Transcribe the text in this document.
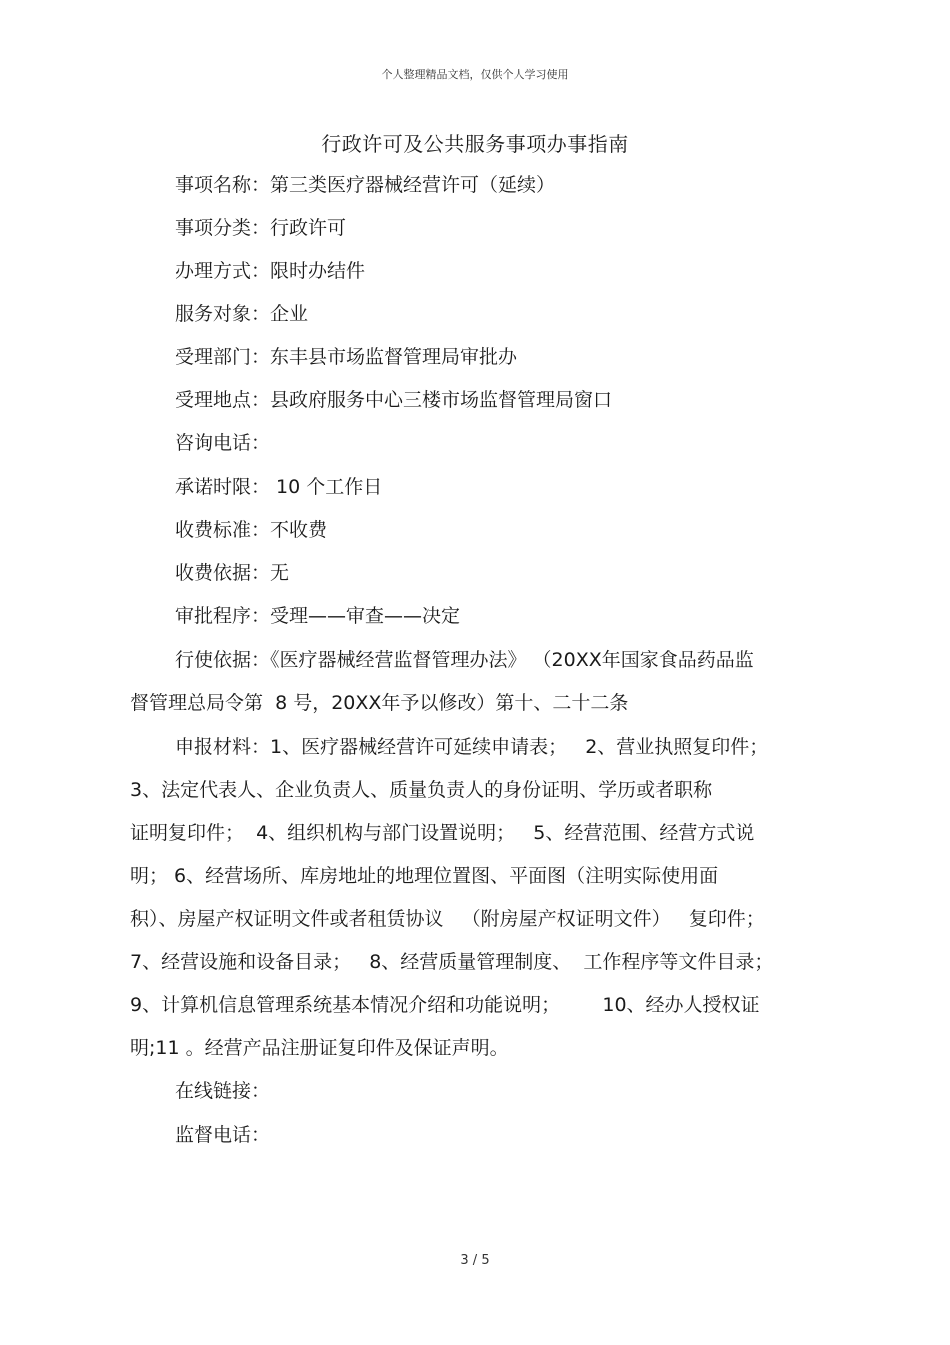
个人整理精品文档，仅供个人学习使用
行政许可及公共服务事项办事指南
事项名称：第三类医疗器械经营许可（延续）
事项分类：行政许可
办理方式：限时办结件
服务对象：企业
受理部门：东丰县市场监督管理局审批办
受理地点：县政府服务中心三楼市场监督管理局窗口
咨询电话：
承诺时限： 10 个工作日
收费标准：不收费
收费依据：无
审批程序：受理——审查——决定
行使依据：《医疗器械经营监督管理办法》 （20XX年国家食品药品监
督管理总局令第  8 号，20XX年予以修改）第十、二十二条
申报材料：1、医疗器械经营许可延续申请表；   2、营业执照复印件；
3、法定代表人、企业负责人、质量负责人的身份证明、学历或者职称
证明复印件；  4、组织机构与部门设置说明；   5、经营范围、经营方式说
明； 6、经营场所、库房地址的地理位置图、平面图（注明实际使用面
积）、房屋产权证明文件或者租赁协议   （附房屋产权证明文件）   复印件；
7、经营设施和设备目录；   8、经营质量管理制度、  工作程序等文件目录；
9、计算机信息管理系统基本情况介绍和功能说明；       10、经办人授权证
明;11 。经营产品注册证复印件及保证声明。
在线链接：
监督电话：
3 / 5
